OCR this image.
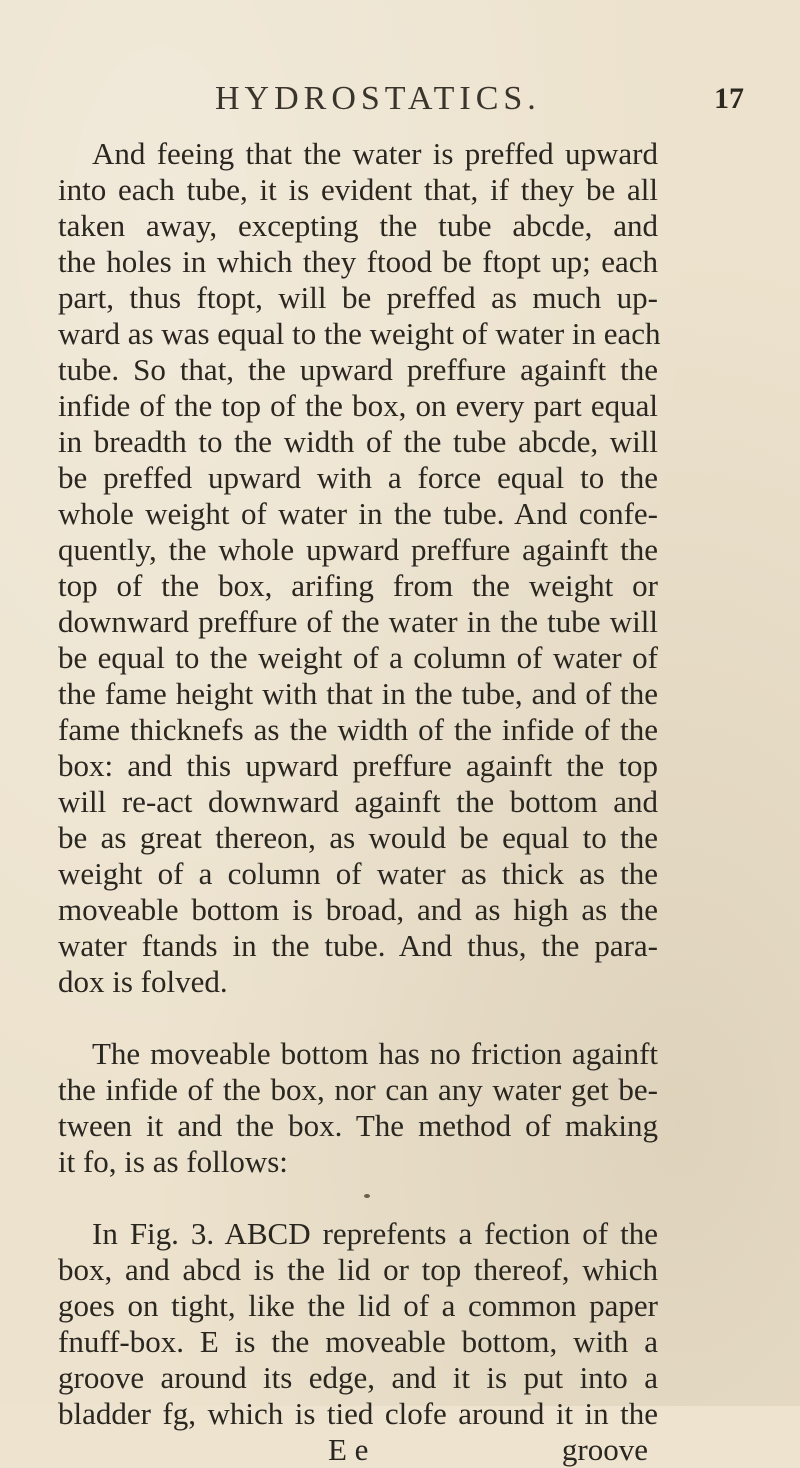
HYDROSTATICS.	17
And feeing that the water is preffed upward
into each tube, it is evident that, if they be all
taken away, excepting the tube abcde, and
the holes in which they ftood be ftopt up; each
part, thus ftopt, will be preffed as much up-
ward as was equal to the weight of water in each
tube. So that, the upward preffure againft the
infide of the top of the box, on every part equal
in breadth to the width of the tube abcde, will
be preffed upward with a force equal to the
whole weight of water in the tube. And confe-
quently, the whole upward preffure againft the
top of the box, arifing from the weight or
downward preffure of the water in the tube will
be equal to the weight of a column of water of
the fame height with that in the tube, and of the
fame thicknefs as the width of the infide of the
box: and this upward preffure againft the top
will re-act downward againft the bottom and
be as great thereon, as would be equal to the
weight of a column of water as thick as the
moveable bottom is broad, and as high as the
water ftands in the tube. And thus, the para-
dox is folved.
The moveable bottom has no friction againft
the infide of the box, nor can any water get be-
tween it and the box. The method of making
it fo, is as follows:
In Fig. 3. ABCD reprefents a fection of the
box, and abcd is the lid or top thereof, which
goes on tight, like the lid of a common paper
fnuff-box. E is the moveable bottom, with a
groove around its edge, and it is put into a
bladder fg, which is tied clofe around it in the
E e	groove
